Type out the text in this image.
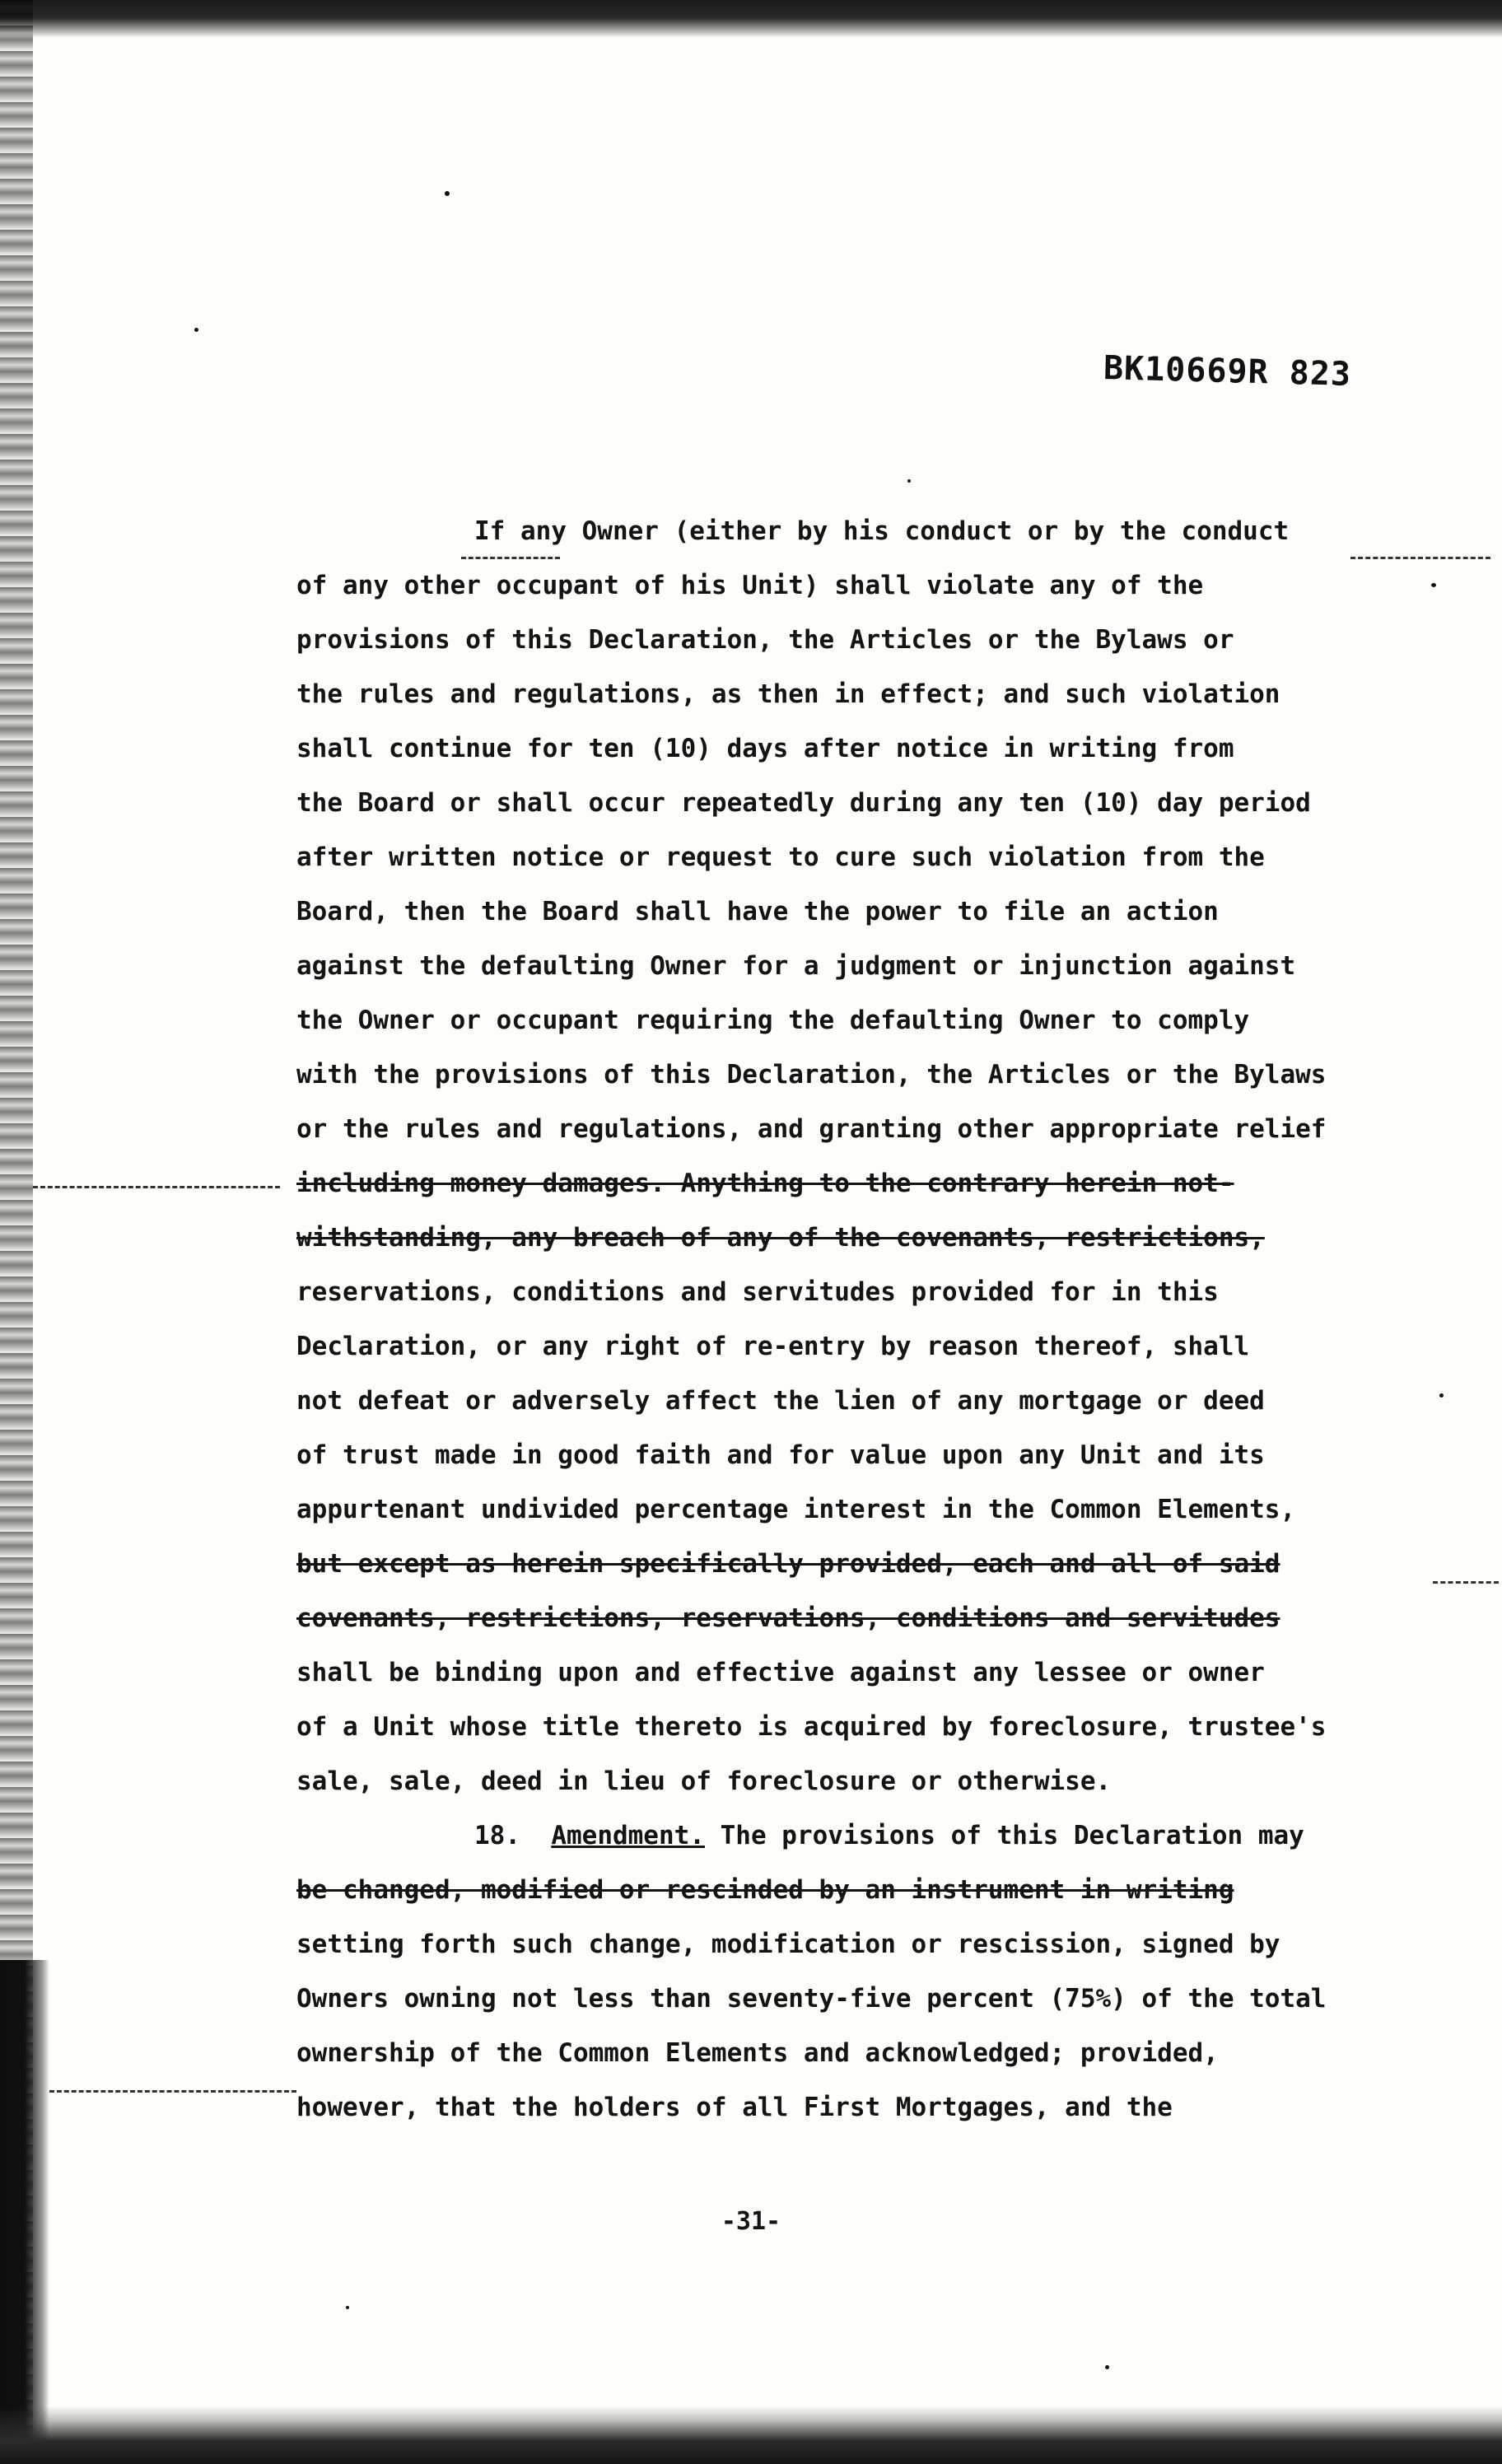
BK10669R 823
If any Owner (either by his conduct or by the conduct
of any other occupant of his Unit) shall violate any of the
provisions of this Declaration, the Articles or the Bylaws or
the rules and regulations, as then in effect; and such violation
shall continue for ten (10) days after notice in writing from
the Board or shall occur repeatedly during any ten (10) day period
after written notice or request to cure such violation from the
Board, then the Board shall have the power to file an action
against the defaulting Owner for a judgment or injunction against
the Owner or occupant requiring the defaulting Owner to comply
with the provisions of this Declaration, the Articles or the Bylaws
or the rules and regulations, and granting other appropriate relief
including money damages. Anything to the contrary herein not-
withstanding, any breach of any of the covenants, restrictions,
reservations, conditions and servitudes provided for in this
Declaration, or any right of re-entry by reason thereof, shall
not defeat or adversely affect the lien of any mortgage or deed
of trust made in good faith and for value upon any Unit and its
appurtenant undivided percentage interest in the Common Elements,
but except as herein specifically provided, each and all of said
covenants, restrictions, reservations, conditions and servitudes
shall be binding upon and effective against any lessee or owner
of a Unit whose title thereto is acquired by foreclosure, trustee's
sale, sale, deed in lieu of foreclosure or otherwise.
18. Amendment. The provisions of this Declaration may
be changed, modified or rescinded by an instrument in writing
setting forth such change, modification or rescission, signed by
Owners owning not less than seventy-five percent (75%) of the total
ownership of the Common Elements and acknowledged; provided,
however, that the holders of all First Mortgages, and the
-31-
